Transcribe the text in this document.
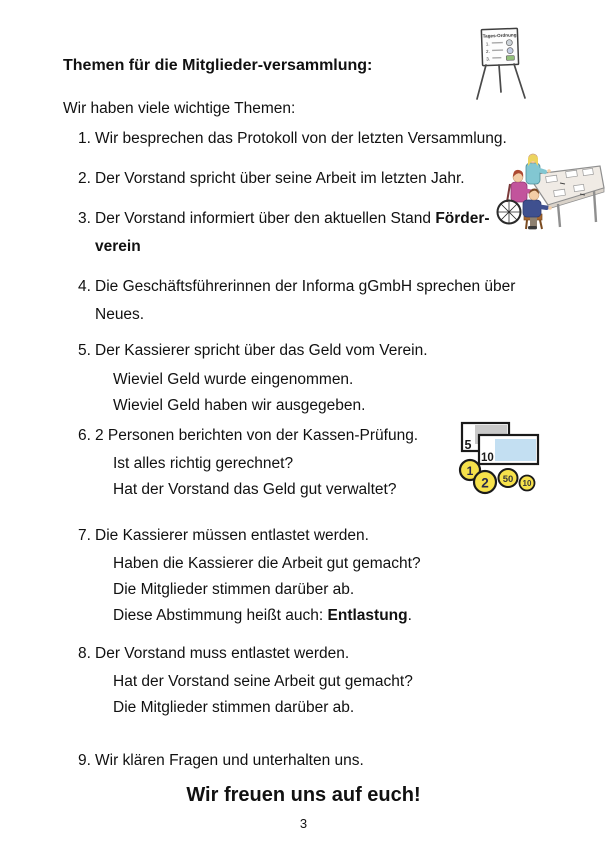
Themen für die Mitglieder-versammlung:
Wir haben viele wichtige Themen:
1. Wir besprechen das Protokoll von der letzten Versammlung.
2. Der Vorstand spricht über seine Arbeit im letzten Jahr.
3. Der Vorstand informiert über den aktuellen Stand Förder-
verein
4. Die Geschäftsführerinnen der Informa gGmbH sprechen über
Neues.
5. Der Kassierer spricht über das Geld vom Verein.
Wieviel Geld wurde eingenommen.
Wieviel Geld haben wir ausgegeben.
6. 2 Personen berichten von der Kassen-Prüfung.
Ist alles richtig gerechnet?
Hat der Vorstand das Geld gut verwaltet?
7. Die Kassierer müssen entlastet werden.
Haben die Kassierer die Arbeit gut gemacht?
Die Mitglieder stimmen darüber ab.
Diese Abstimmung heißt auch: Entlastung.
8. Der Vorstand muss entlastet werden.
Hat der Vorstand seine Arbeit gut gemacht?
Die Mitglieder stimmen darüber ab.
9. Wir klären Fragen und unterhalten uns.
Wir freuen uns auf euch!
3
Tages-Ordnung
1.
2.
3.
5
10
1
2 50 10
